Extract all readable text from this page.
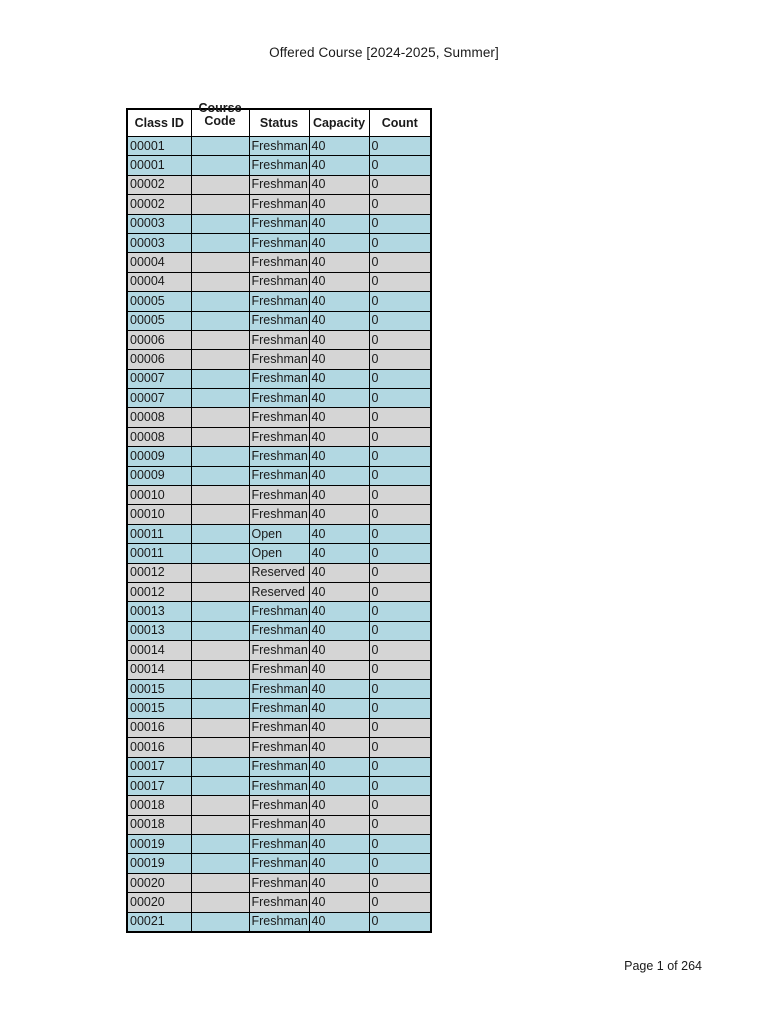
Offered Course [2024-2025, Summer]
Class ID	Course Code	Status	Capacity	Count
00001		Freshman	40	0
00001		Freshman	40	0
00002		Freshman	40	0
00002		Freshman	40	0
00003		Freshman	40	0
00003		Freshman	40	0
00004		Freshman	40	0
00004		Freshman	40	0
00005		Freshman	40	0
00005		Freshman	40	0
00006		Freshman	40	0
00006		Freshman	40	0
00007		Freshman	40	0
00007		Freshman	40	0
00008		Freshman	40	0
00008		Freshman	40	0
00009		Freshman	40	0
00009		Freshman	40	0
00010		Freshman	40	0
00010		Freshman	40	0
00011		Open	40	0
00011		Open	40	0
00012		Reserved	40	0
00012		Reserved	40	0
00013		Freshman	40	0
00013		Freshman	40	0
00014		Freshman	40	0
00014		Freshman	40	0
00015		Freshman	40	0
00015		Freshman	40	0
00016		Freshman	40	0
00016		Freshman	40	0
00017		Freshman	40	0
00017		Freshman	40	0
00018		Freshman	40	0
00018		Freshman	40	0
00019		Freshman	40	0
00019		Freshman	40	0
00020		Freshman	40	0
00020		Freshman	40	0
00021		Freshman	40	0
Page 1 of 264
